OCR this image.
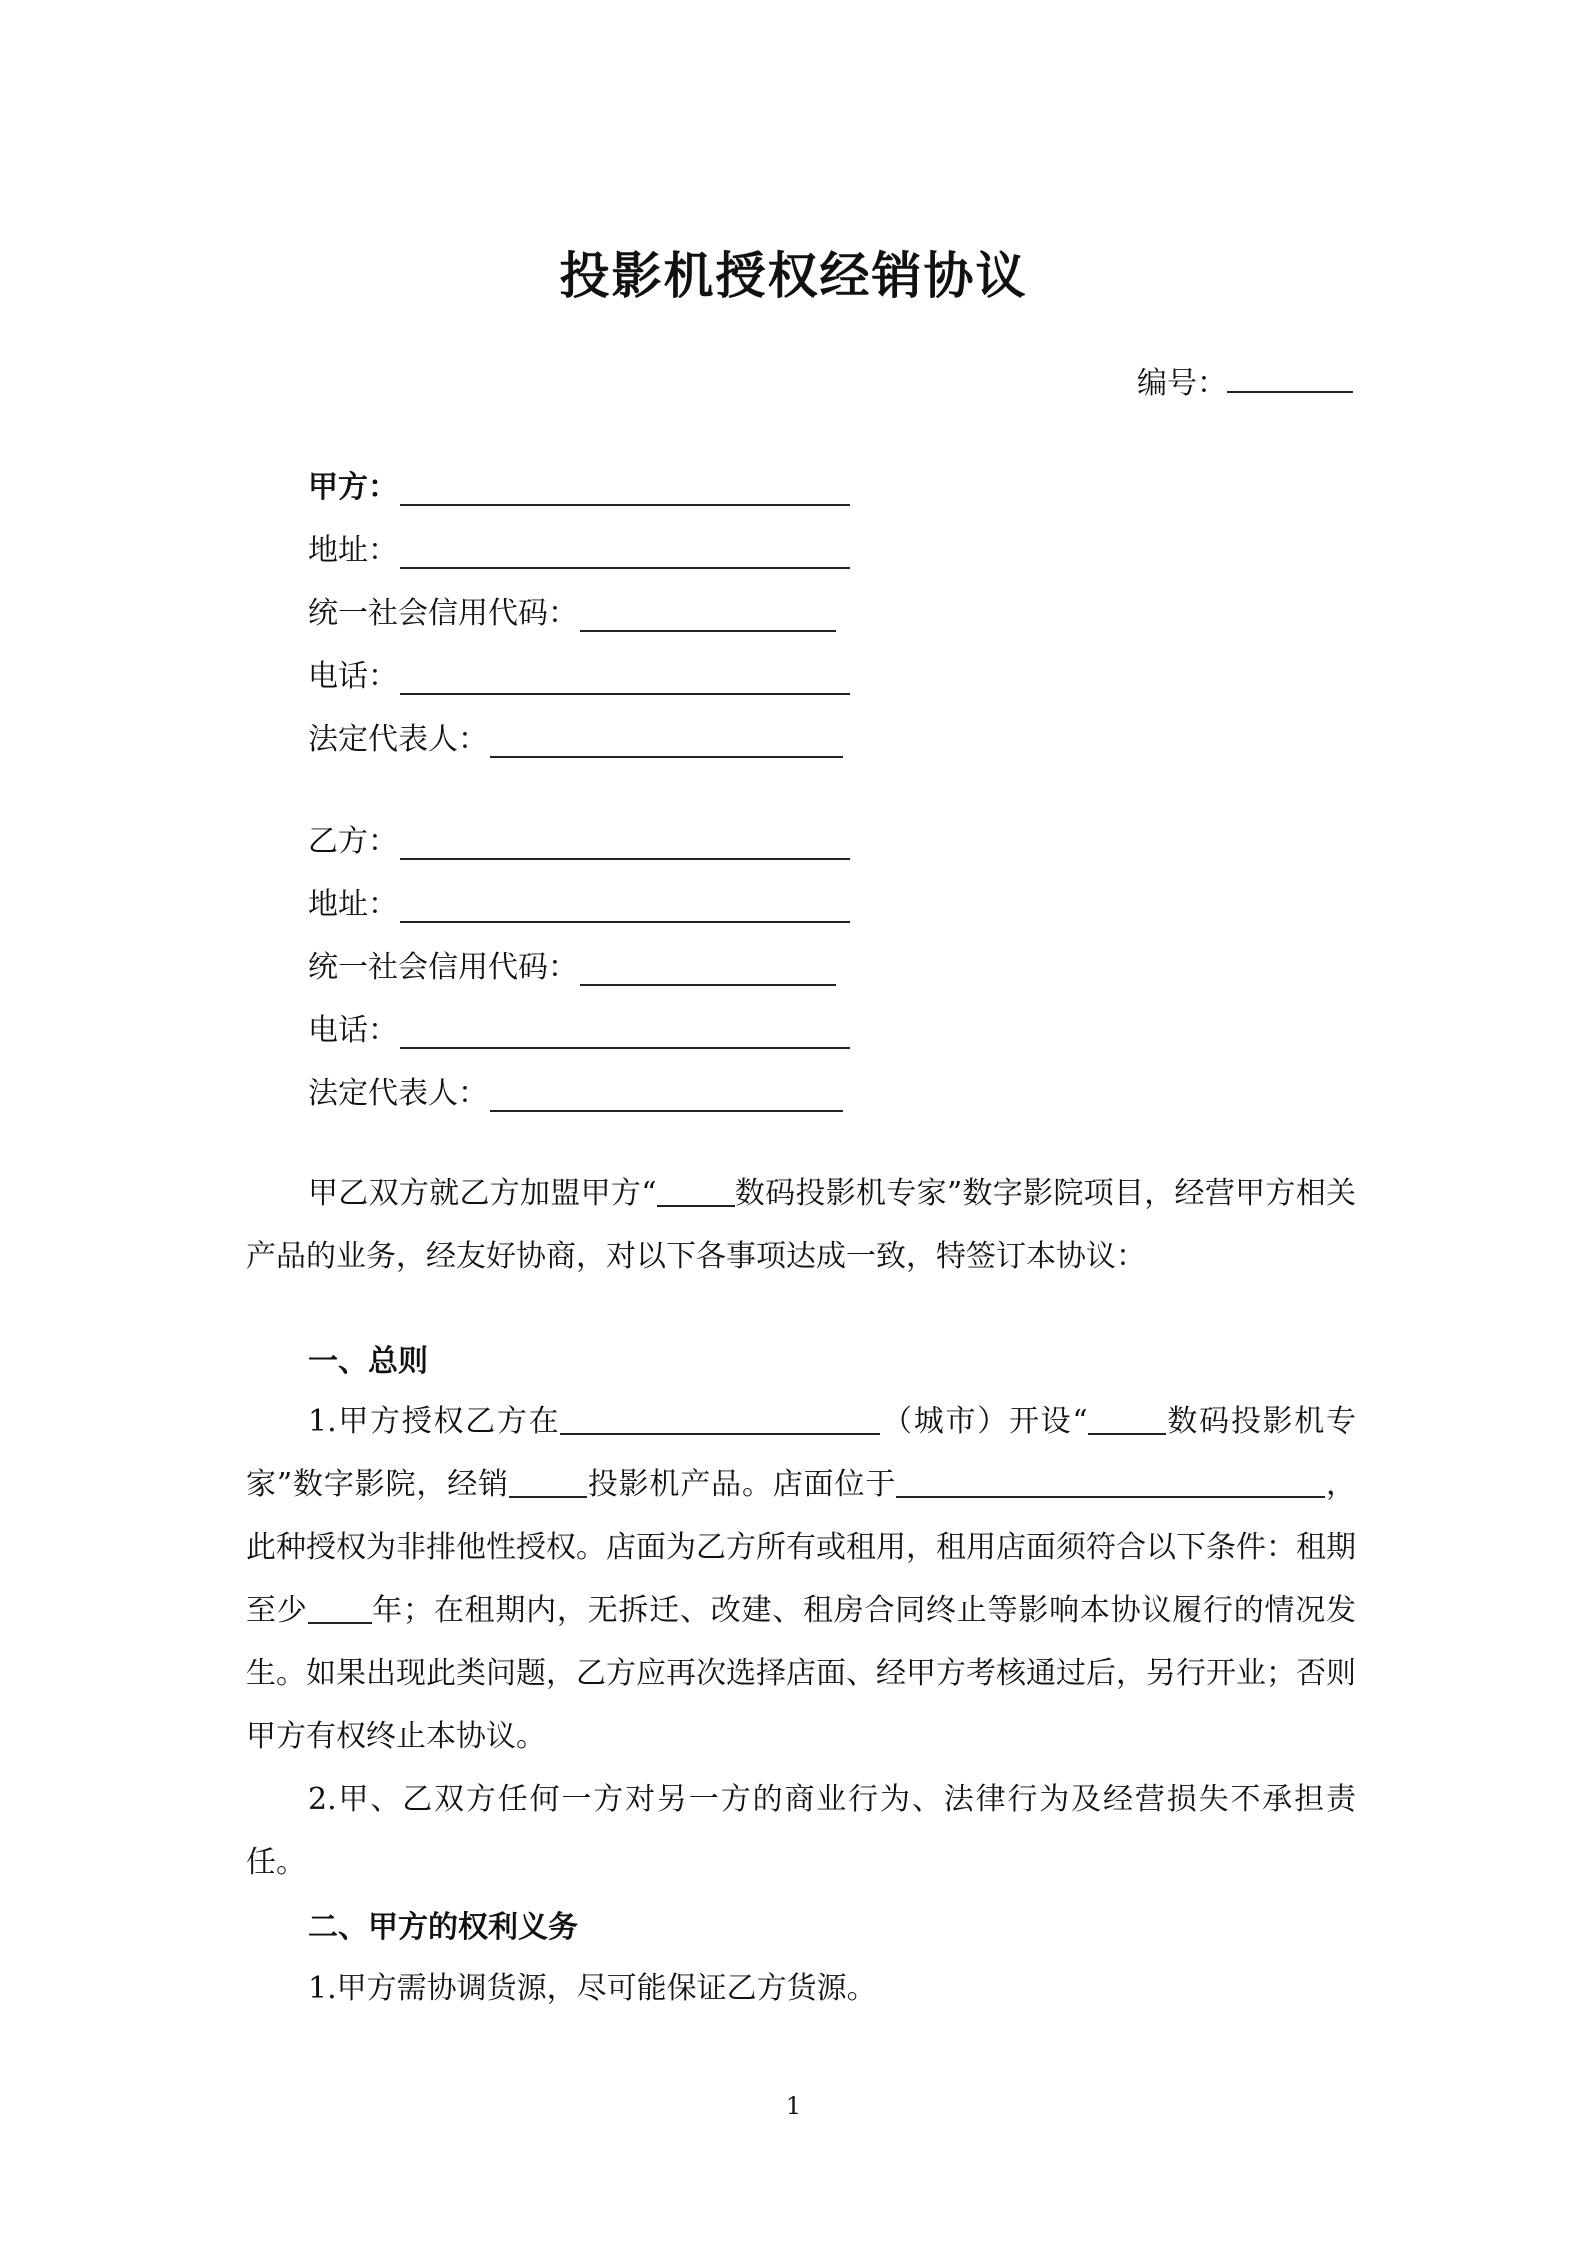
投影机授权经销协议
编号：
甲方：
地址：
统一社会信用代码：
电话：
法定代表人：
乙方：
地址：
统一社会信用代码：
电话：
法定代表人：
甲乙双方就乙方加盟甲方“	数码投影机专家”数字影院项目，经营甲方相关产品的业务，经友好协商，对以下各事项达成一致，特签订本协议：
一、总则
1.甲方授权乙方在	（城市）开设“	数码投影机专家”数字影院，经销	投影机产品。店面位于	，此种授权为非排他性授权。店面为乙方所有或租用，租用店面须符合以下条件：租期至少 年；在租期内，无拆迁、改建、租房合同终止等影响本协议履行的情况发生。如果出现此类问题，乙方应再次选择店面、经甲方考核通过后，另行开业；否则甲方有权终止本协议。
2.甲、乙双方任何一方对另一方的商业行为、法律行为及经营损失不承担责任。
二、甲方的权利义务
1.甲方需协调货源，尽可能保证乙方货源。
1
